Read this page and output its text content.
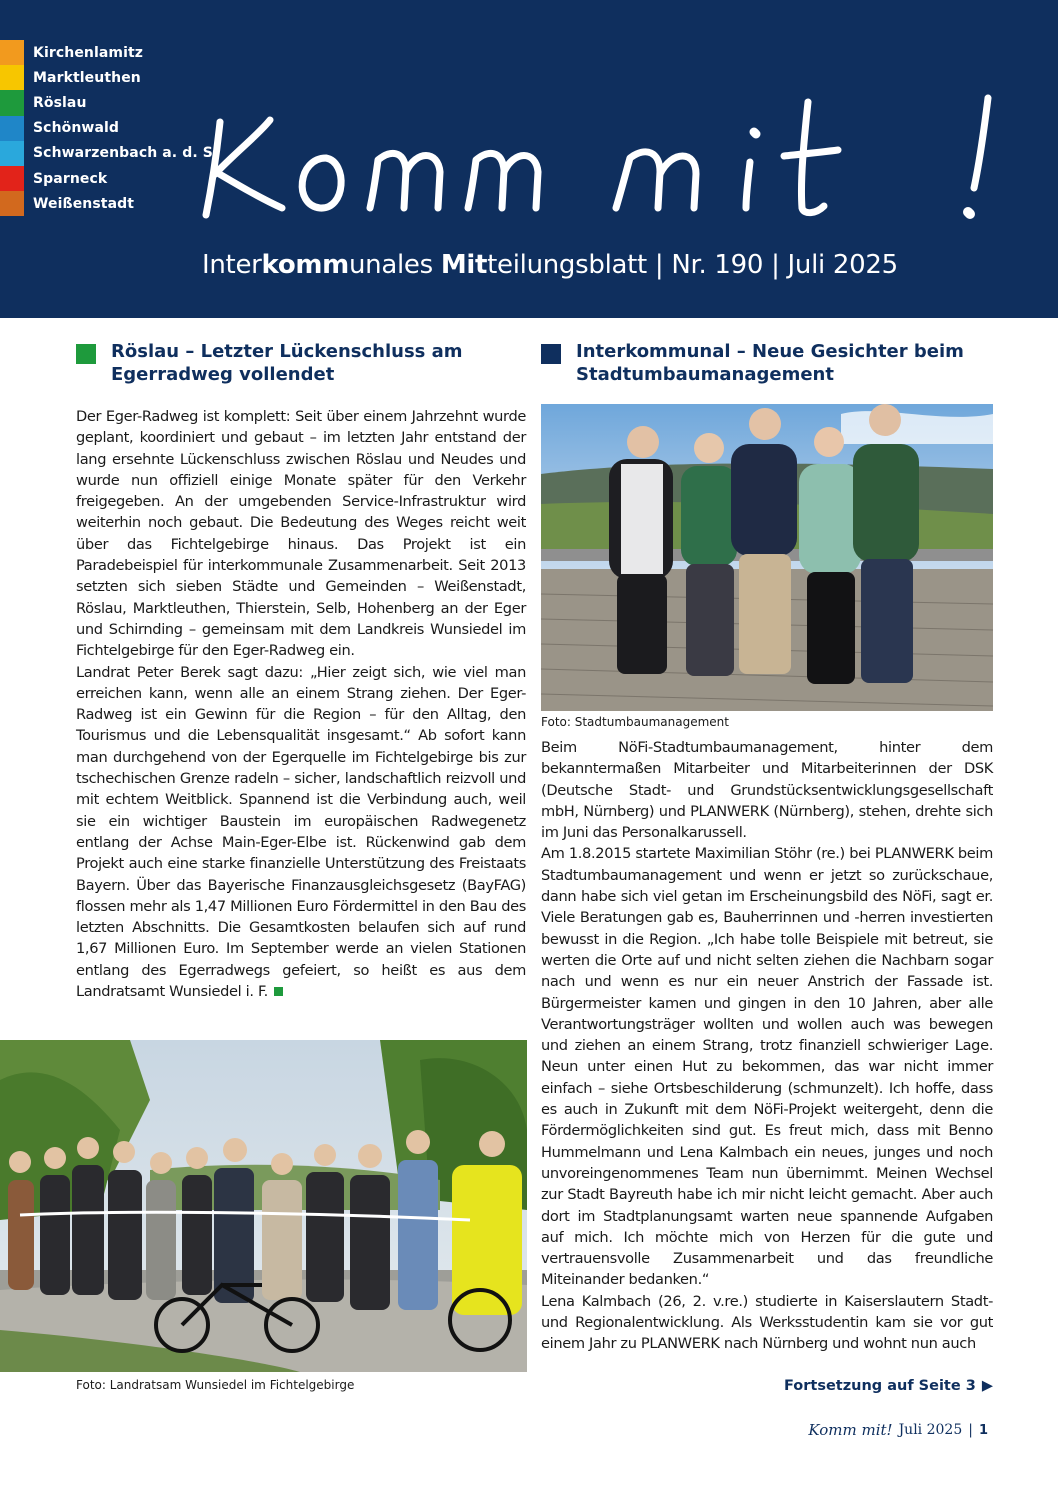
Kirchenlamitz
Marktleuthen
Röslau
Schönwald
Schwarzenbach a. d. S.
Sparneck
Weißenstadt
Interkommunales Mitteilungsblatt | Nr. 190 | Juli 2025
Röslau – Letzter Lückenschluss am Egerradweg vollendet

Der Eger-Radweg ist komplett: Seit über einem Jahrzehnt wurde geplant, koordiniert und gebaut – im letzten Jahr entstand der lang ersehnte Lückenschluss zwischen Röslau und Neudes und wurde nun offiziell einige Monate später für den Verkehr freigegeben. An der umgebenden Service-Infrastruktur wird weiterhin noch gebaut. Die Bedeutung des Weges reicht weit über das Fichtelgebirge hinaus. Das Projekt ist ein Paradebeispiel für interkommunale Zusammenarbeit. Seit 2013 setzten sich sieben Städte und Gemeinden – Weißenstadt, Röslau, Marktleuthen, Thierstein, Selb, Hohenberg an der Eger und Schirnding – gemeinsam mit dem Landkreis Wunsiedel im Fichtelgebirge für den Eger-Radweg ein.

Landrat Peter Berek sagt dazu: „Hier zeigt sich, wie viel man erreichen kann, wenn alle an einem Strang ziehen. Der Eger-Radweg ist ein Gewinn für die Region – für den Alltag, den Tourismus und die Lebensqualität insgesamt.“ Ab sofort kann man durchgehend von der Egerquelle im Fichtelgebirge bis zur tschechischen Grenze radeln – sicher, landschaftlich reizvoll und mit echtem Weitblick. Spannend ist die Verbindung auch, weil sie ein wichtiger Baustein im europäischen Radwegenetz entlang der Achse Main-Eger-Elbe ist. Rückenwind gab dem Projekt auch eine starke finanzielle Unterstützung des Freistaats Bayern. Über das Bayerische Finanzausgleichsgesetz (BayFAG) flossen mehr als 1,47 Millionen Euro Fördermittel in den Bau des letzten Abschnitts. Die Gesamtkosten belaufen sich auf rund 1,67 Millionen Euro. Im September werde an vielen Stationen entlang des Egerradwegs gefeiert, so heißt es aus dem Landratsamt Wunsiedel i. F.

Foto: Landratsam Wunsiedel im Fichtelgebirge
Interkommunal – Neue Gesichter beim Stadtumbaumanagement
Foto: Stadtumbaumanagement

Beim NöFi-Stadtumbaumanagement, hinter dem bekanntermaßen Mitarbeiter und Mitarbeiterinnen der DSK (Deutsche Stadt- und Grundstücksentwicklungsgesellschaft mbH, Nürnberg) und PLANWERK (Nürnberg), stehen, drehte sich im Juni das Personalkarussell.

Am 1.8.2015 startete Maximilian Stöhr (re.) bei PLANWERK beim Stadtumbaumanagement und wenn er jetzt so zurückschaue, dann habe sich viel getan im Erscheinungsbild des NöFi, sagt er. Viele Beratungen gab es, Bauherrinnen und -herren investierten bewusst in die Region. „Ich habe tolle Beispiele mit betreut, sie werten die Orte auf und nicht selten ziehen die Nachbarn sogar nach und wenn es nur ein neuer Anstrich der Fassade ist. Bürgermeister kamen und gingen in den 10 Jahren, aber alle Verantwortungsträger wollten und wollen auch was bewegen und ziehen an einem Strang, trotz finanziell schwieriger Lage. Neun unter einen Hut zu bekommen, das war nicht immer einfach – siehe Ortsbeschilderung (schmunzelt). Ich hoffe, dass es auch in Zukunft mit dem NöFi-Projekt weitergeht, denn die Fördermöglichkeiten sind gut. Es freut mich, dass mit Benno Hummelmann und Lena Kalmbach ein neues, junges und noch unvoreingenommenes Team nun übernimmt. Meinen Wechsel zur Stadt Bayreuth habe ich mir nicht leicht gemacht. Aber auch dort im Stadtplanungsamt warten neue spannende Aufgaben auf mich. Ich möchte mich von Herzen für die gute und vertrauensvolle Zusammenarbeit und das freundliche Miteinander bedanken.“

Lena Kalmbach (26, 2. v.re.) studierte in Kaiserslautern Stadt- und Regionalentwicklung. Als Werksstudentin kam sie vor gut einem Jahr zu PLANWERK nach Nürnberg und wohnt nun auch

Fortsetzung auf Seite 3 ▶
Komm mit! Juli 2025 | 1
